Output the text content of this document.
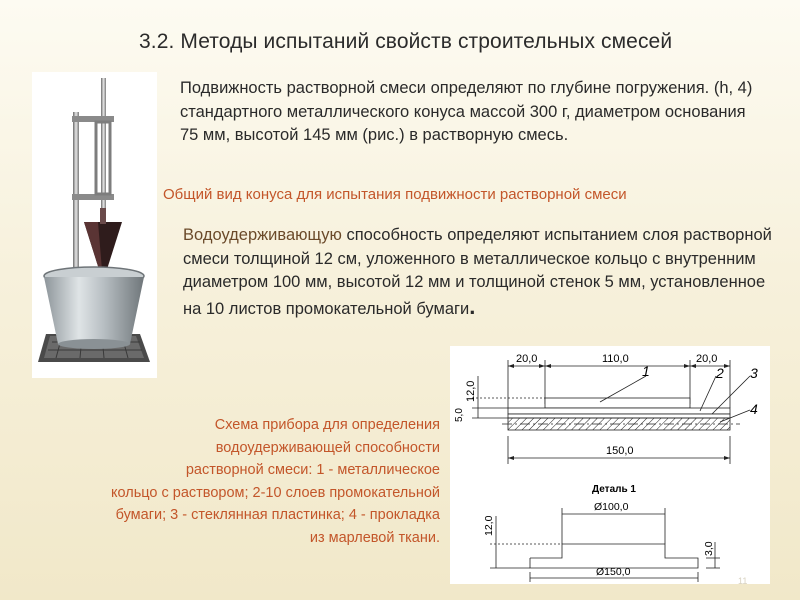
3.2. Методы испытаний свойств строительных смесей
Подвижность растворной смеси определяют по глубине погружения. (h, 4) стандартного металлического конуса массой 300 г, диаметром основания 75 мм, высотой 145 мм (рис.) в растворную смесь.
Общий вид конуса для испытания подвижности растворной смеси
Водоудерживающую способность определяют испытанием слоя растворной смеси толщиной 12 см, уложенного в металлическое кольцо с внутренним диаметром 100 мм, высотой 12 мм и толщиной стенок 5 мм, установленное на 10 листов промокательной бумаги.
20,0	110,0	20,0
12,0
5,0
150,0
1	2 3
4
Деталь 1
Ø100,0
Ø150,0
12,0
3,0
Схема прибора для определения
водоудерживающей способности
растворной смеси: 1 - металлическое
кольцо с раствором; 2-10 слоев промокательной
бумаги; 3 - стеклянная пластинка; 4 - прокладка
из марлевой ткани.
11
